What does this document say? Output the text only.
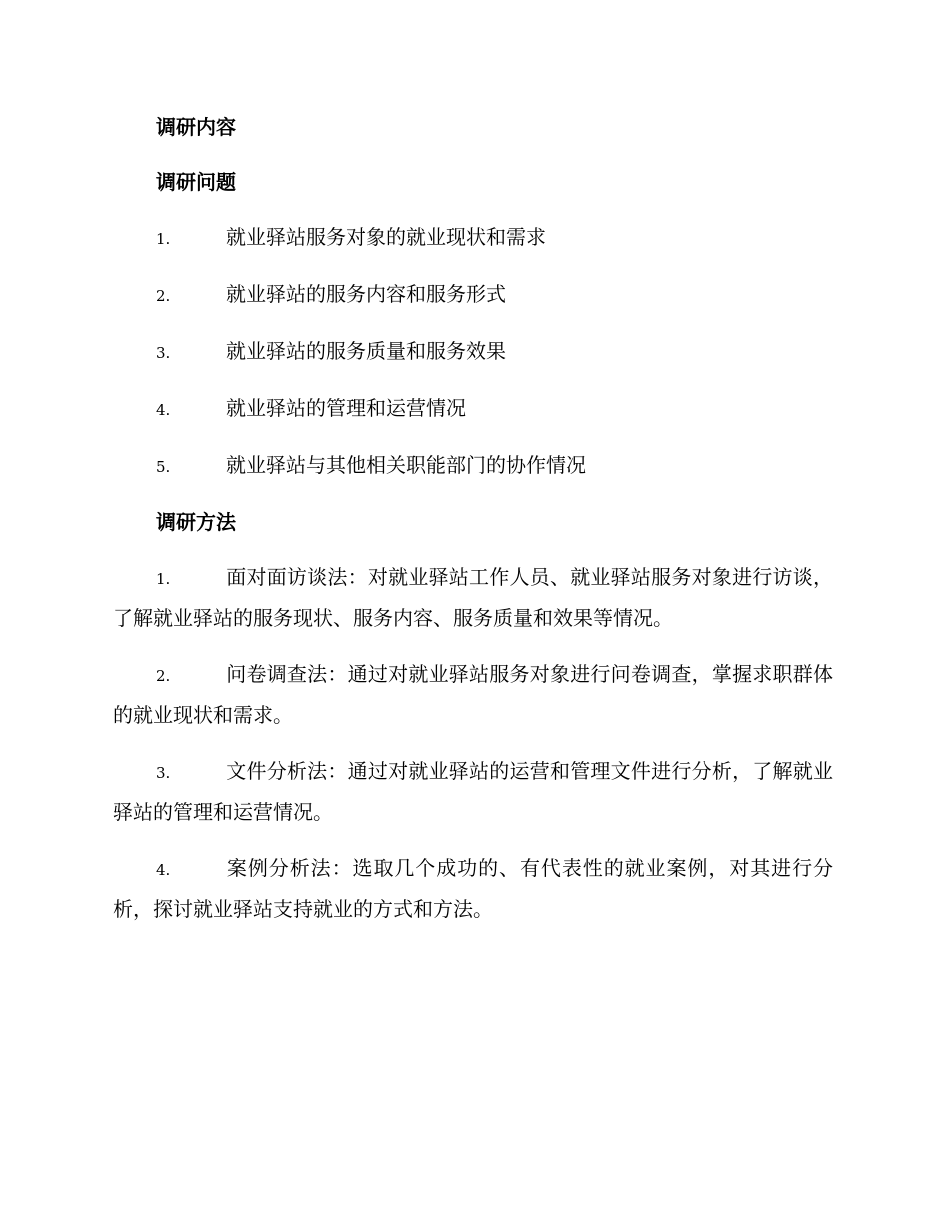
调研内容
调研问题
1.	就业驿站服务对象的就业现状和需求
2.	就业驿站的服务内容和服务形式
3.	就业驿站的服务质量和服务效果
4.	就业驿站的管理和运营情况
5.	就业驿站与其他相关职能部门的协作情况
调研方法
1.	面对面访谈法：对就业驿站工作人员、就业驿站服务对象进行访谈，了解就业驿站的服务现状、服务内容、服务质量和效果等情况。
2.	问卷调查法：通过对就业驿站服务对象进行问卷调查，掌握求职群体的就业现状和需求。
3.	文件分析法：通过对就业驿站的运营和管理文件进行分析，了解就业驿站的管理和运营情况。
4.	案例分析法：选取几个成功的、有代表性的就业案例，对其进行分析，探讨就业驿站支持就业的方式和方法。
